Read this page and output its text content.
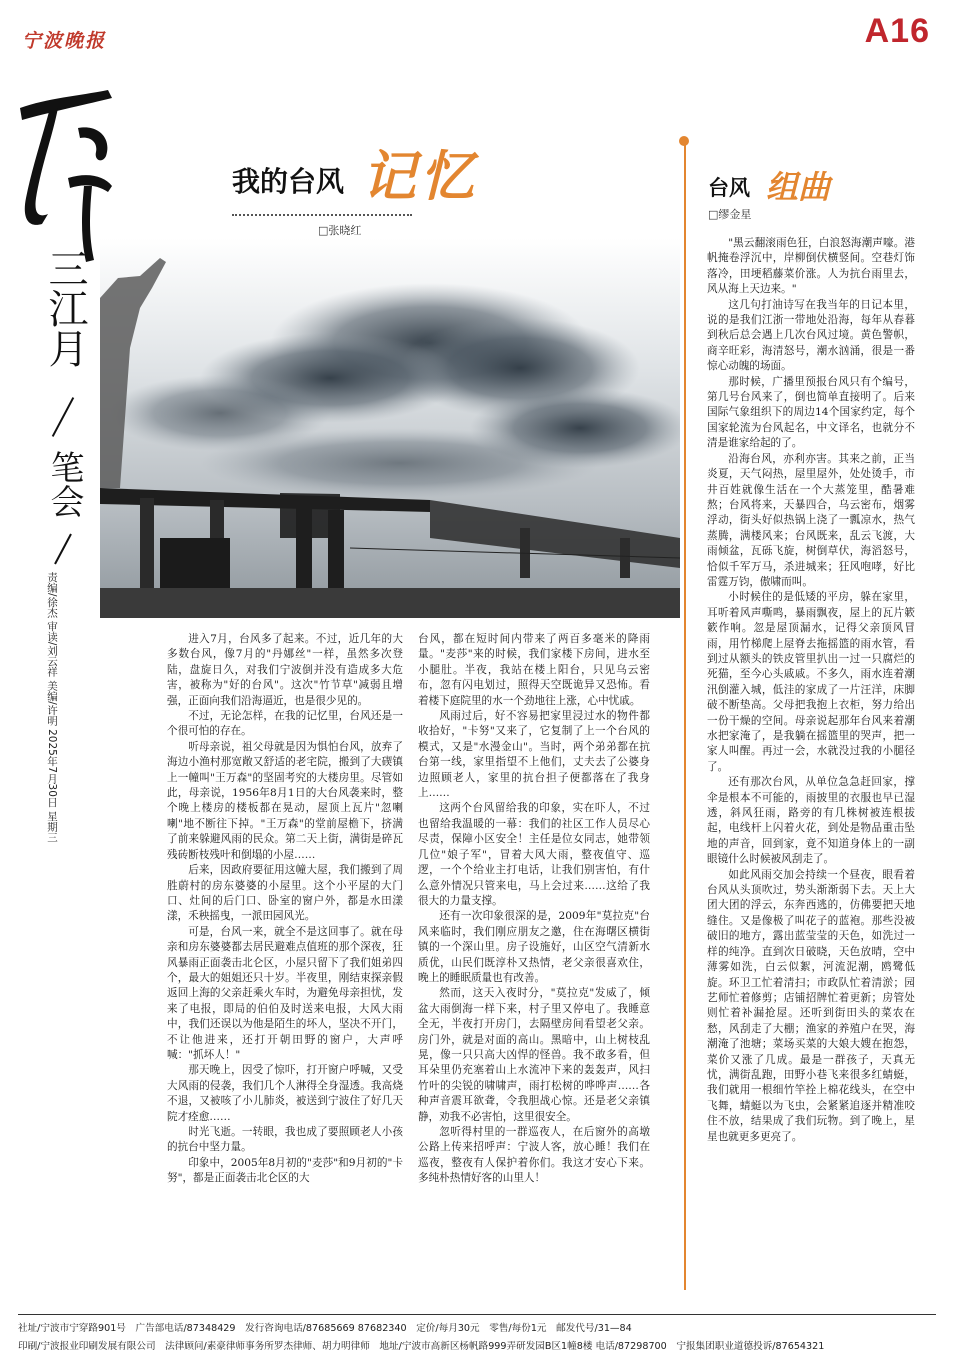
宁波晚报	A16
三江月
笔会
责编/徐杰 审读/刘云祥 美编/许明 2025年7月30日 星期三
我的台风 记忆
□张晓红

进入7月，台风多了起来。不过，近几年的大多数台风，像7月的"丹娜丝"一样，虽然多次登陆，盘旋日久，对我们宁波倒并没有造成多大危害，被称为"好的台风"。这次"竹节草"减弱且增强，正面向我们沿海逼近，也是很少见的。

不过，无论怎样，在我的记忆里，台风还是一个很可怕的存在。

听母亲说，祖父母就是因为惧怕台风，放弃了海边小渔村那宽敞又舒适的老宅院，搬到了大碶镇上一幢叫"王万森"的坚固考究的大楼房里。尽管如此，母亲说，1956年8月1日的大台风袭来时，整个晚上楼房的楼板都在晃动，屋顶上瓦片"忽喇喇"地不断往下掉。"王万森"的堂前屋檐下，挤满了前来躲避风雨的民众。第二天上街，满街是碎瓦残砖断枝残叶和倒塌的小屋……

后来，因政府要征用这幢大屋，我们搬到了周胜蔚村的房东婆婆的小屋里。这个小平屋的大门口、灶间的后门口、卧室的窗户外，都是水田漾漾，禾秧摇曳，一派田园风光。

可是，台风一来，就全不是这回事了。就在母亲和房东婆婆都去居民避难点值班的那个深夜，狂风暴雨正面袭击北仑区，小屋只留下了我们姐弟四个，最大的姐姐还只十岁。半夜里，刚结束探亲假返回上海的父亲赶乘火车时，为避免母亲担忧，发来了电报，即局的伯伯及时送来电报，大风大雨中，我们还误以为他是陌生的坏人，坚决不开门，不让他进来，还打开朝田野的窗户，大声呼喊："抓坏人！"

那天晚上，因受了惊吓，打开窗户呼喊，又受大风雨的侵袭，我们几个人淋得全身湿透。我高烧不退，又被咳了小儿肺炎，被送到宁波住了好几天院才痊愈……

时光飞逝。一转眼，我也成了要照顾老人小孩的抗台中坚力量。

印象中，2005年8月初的"麦莎"和9月初的"卡努"，都是正面袭击北仑区的大

台风，都在短时间内带来了两百多毫米的降雨量。"麦莎"来的时候，我们家楼下房间，进水至小腿肚。半夜，我站在楼上阳台，只见乌云密布，忽有闪电划过，照得天空既诡异又恐怖。看着楼下庭院里的水一个劲地往上涨，心中忧戚。

风雨过后，好不容易把家里浸过水的物件都收拾好，"卡努"又来了，它复制了上一个台风的模式，又是"水漫金山"。当时，两个弟弟都在抗台第一线，家里指望不上他们，丈夫去了公婆身边照顾老人，家里的抗台担子便都落在了我身上……

这两个台风留给我的印象，实在吓人，不过也留给我温暖的一幕：我们的社区工作人员尽心尽责，保障小区安全！主任是位女同志，她带领几位"娘子军"，冒着大风大雨，整夜值守、巡逻，一个个给业主打电话，让我们别害怕，有什么意外情况只管来电，马上会过来……这给了我很大的力量支撑。

还有一次印象很深的是，2009年"莫拉克"台风来临时，我们刚应朋友之邀，住在海曙区横街镇的一个深山里。房子设施好，山区空气清新水质优，山民们既淳朴又热情，老父亲很喜欢住，晚上的睡眠质量也有改善。

然而，这天入夜时分，"莫拉克"发威了，倾盆大雨倒海一样下来，村子里又停电了。我睡意全无，半夜打开房门，去隔壁房间看望老父亲。房门外，就是对面的高山。黑暗中，山上树枝乱晃，像一只只高大凶悍的怪兽。我不敢多看，但耳朵里仍充塞着山上水流冲下来的轰轰声，风扫竹叶的尖锐的啸啸声，雨打松树的哗哗声……各种声音震耳欲聋，令我胆战心惊。还是老父亲镇静，劝我不必害怕，这里很安全。

忽听得村里的一群巡夜人，在后窗外的高墩公路上传来招呼声：宁波人客，放心睡！我们在巡夜，整夜有人保护着你们。我这才安心下来。多纯朴热情好客的山里人！

台风 组曲
□缪金星

"黑云翻滚雨色狂，白浪怒海潮声嚎。港帆掩卷浮沉中，岸柳倒伏横竖间。空巷灯饰落冷，田埂稻藤菜价涨。人为抗台雨里去，风从海上天边来。"

这几句打油诗写在我当年的日记本里，说的是我们江浙一带地处沿海，每年从春暮到秋后总会遇上几次台风过境。黄色警帜，商辛旺彩，海清怒号，潮水汹涌，很是一番惊心动魄的场面。

那时候，广播里预报台风只有个编号，第几号台风来了，倒也简单直接明了。后来国际气象组织下的周边14个国家约定，每个国家轮流为台风起名，中文译名，也就分不清是谁家给起的了。

沿海台风，亦利亦害。其来之前，正当炎夏，天气闷热，屋里屋外，处处烫手，市井百姓就像生活在一个大蒸笼里，酷暑难熬；台风将来，天暴四合，乌云密布，烟雾浮动，街头好似热锅上浇了一瓢凉水，热气蒸腾，满楼风来；台风既来，乱云飞渡，大雨倾盆，瓦砾飞旋，树倒草伏，海滔怒号，恰似千军万马，杀进城来；狂风咆哮，好比雷霆万钧，傲啸而叫。

小时候住的是低矮的平房，躲在家里，耳听着风声嘶鸣，暴雨飘夜，屋上的瓦片簌簌作响。忽是屋顶漏水，记得父亲顶风冒雨，用竹梯爬上屋脊去拖摇篮的雨水管，看到过从额头的铁皮管里扒出一过一只腐烂的死猫，至今心头戚戚。不多久，雨水连着潮汛倒灌入城，低洼的家成了一片汪洋，床脚破不断垫高。父母把我抱上衣柜，努力给出一份干燥的空间。母亲说起那年台风来着潮水把家淹了，是我躺在摇篮里的哭声，把一家人叫醒。再过一会，水就没过我的小腿径了。

还有那次台风，从单位急急赶回家，撑伞是根本不可能的，雨披里的衣服也早已湿透，斜风狂雨，路旁的有几株树被连根拔起，电线杆上闪着火花，到处是物品重击坠地的声音，回到家，竟不知道身体上的一副眼镜什么时候被风刮走了。

如此风雨交加会持续一个昼夜，眼看着台风从头顶吹过，势头渐渐弱下去。天上大团大团的浮云，东奔西逃的，仿佛要把天地缝住。又是像极了叫花子的蓝袍。那些没被破旧的地方，露出蓝莹莹的天色，如洗过一样的纯净。直到次日破晓，天色放晴，空中薄雾如洗，白云似絮，河流泥潮，鸥鹭低旋。环卫工忙着清扫；市政队忙着清淤；园艺师忙着修剪；店铺招牌忙着更新；房管处则忙着补漏抢屋。还听到街田头的菜农在愁，风刮走了大棚；渔家的养殖户在哭，海潮淹了池塘；菜场买菜的大娘大嫂在抱怨，菜价又涨了几成。最是一群孩子，天真无忧，满街乱跑，田野小巷飞来很多红蜻蜓，我们就用一根细竹竿拴上棉花线头，在空中飞舞，蜻蜓以为飞虫，会紧紧追逐并精准咬住不放，结果成了我们玩物。到了晚上，星星也就更多更亮了。

社址/宁波市宁穿路901号　广告部电话/87348429　发行咨询电话/87685669 87682340　定价/每月30元　零售/每份1元　邮发代号/31—84
印刷/宁波报业印刷发展有限公司　法律顾问/素豪律师事务所罗杰律师、胡力明律师　地址/宁波市高新区杨帆路999弄研发园B区1幢8楼 电话/87298700　宁报集团职业道德投诉/87654321
